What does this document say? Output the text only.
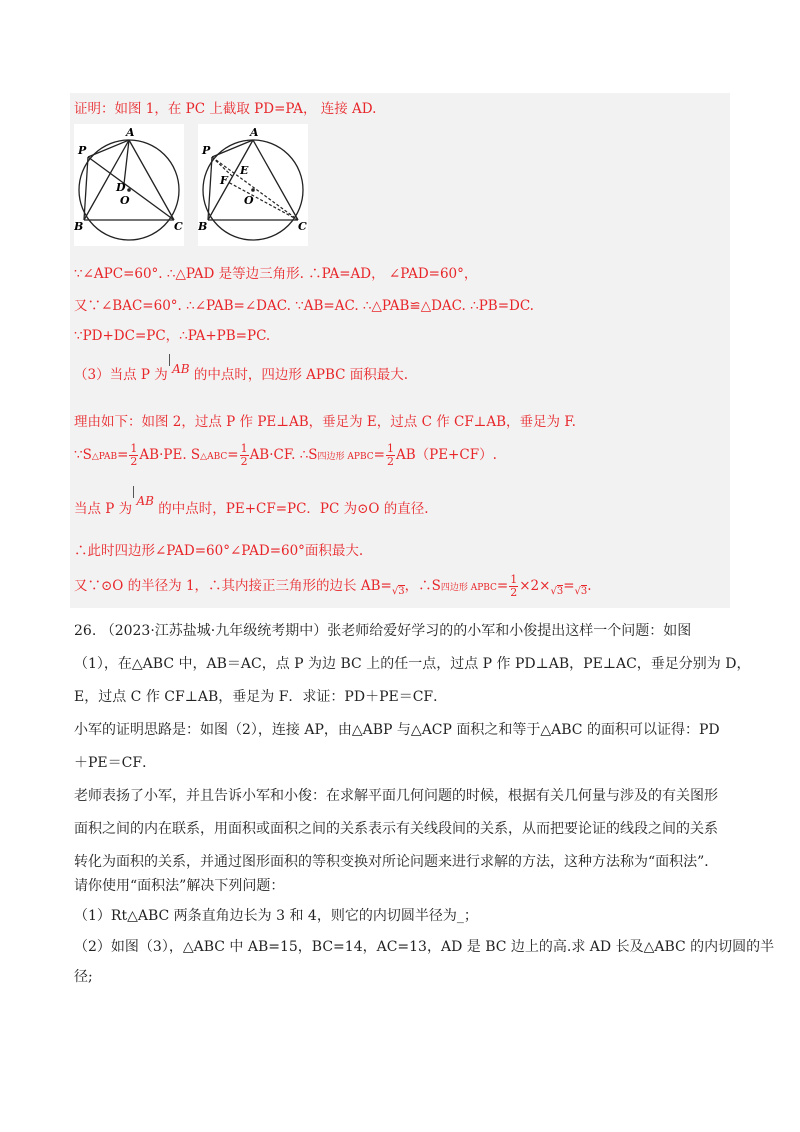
证明：如图 1，在 PC 上截取 PD=PA， 连接 AD.
P
A
D
O
B	C
P
A
E
F
O
B	C
∵∠APC=60°. ∴△PAD 是等边三角形. ∴PA=AD， ∠PAD=60°，
又∵∠BAC=60°. ∴∠PAB=∠DAC. ∵AB=AC. ∴△PAB≌△DAC. ∴PB=DC.
∵PD+DC=PC，∴PA+PB=PC.
（3）当点 P 为 AB 的中点时，四边形 APBC 面积最大.
理由如下：如图 2，过点 P 作 PE⊥AB，垂足为 E，过点 C 作 CF⊥AB，垂足为 F.
∵S△PAB= $\frac{1}{2} AB\cdot PE$. S△ABC= $\frac{1}{2} AB\cdot CF$. ∴S四边形 APBC= $\frac{1}{2} AB(PE+CF)$.
当点 P 为 AB 的中点时，PE+CF=PC．PC 为⊙O 的直径.
∴此时四边形∠PAD=60°∠PAD=60°面积最大.
又∵⊙O 的半径为 1，∴其内接正三角形的边长 AB=√3，∴S四边形 APBC= $\frac{1}{2} \times 2\times√3=√3$.
26. （2023·江苏盐城·九年级统考期中）张老师给爱好学习的的小军和小俊提出这样一个问题：如图
（1），在△ABC 中，AB＝AC，点 P 为边 BC 上的任一点，过点 P 作 PD⊥AB，PE⊥AC，垂足分别为 D，
E，过点 C 作 CF⊥AB，垂足为 F．求证：PD＋PE＝CF．
小军的证明思路是：如图（2），连接 AP，由△ABP 与△ACP 面积之和等于△ABC 的面积可以证得：PD
＋PE＝CF．
老师表扬了小军，并且告诉小军和小俊：在求解平面几何问题的时候，根据有关几何量与涉及的有关图形
面积之间的内在联系，用面积或面积之间的关系表示有关线段间的关系，从而把要论证的线段之间的关系
转化为面积的关系，并通过图形面积的等积变换对所论问题来进行求解的方法，这种方法称为“面积法”．
请你使用“面积法”解决下列问题：
（1）Rt△ABC 两条直角边长为 3 和 4，则它的内切圆半径为_；
（2）如图（3），△ABC 中 AB=15，BC=14，AC=13，AD 是 BC 边上的高.求 AD 长及△ABC 的内切圆的半
径;
